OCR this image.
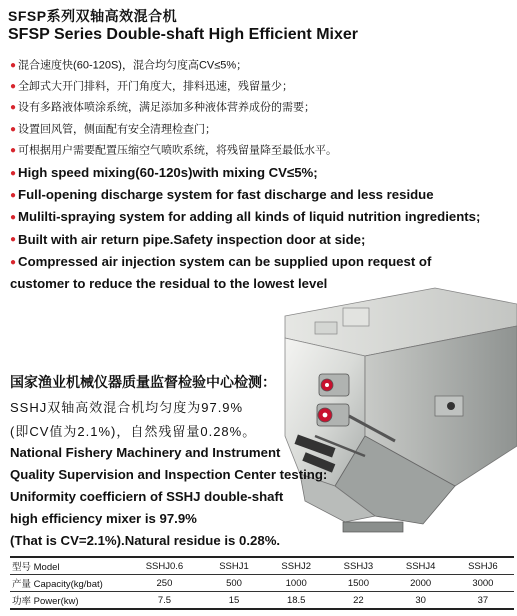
SFSP系列双轴高效混合机
SFSP Series Double-shaft High Efficient Mixer
● 混合速度快(60-120S)，混合均匀度高CV≤5%；
● 全卸式大开门排料，开门角度大，排料迅速，残留量少；
● 设有多路液体喷涂系统，满足添加多种液体营养成份的需要；
● 设置回风管，侧面配有安全清理检查门；
● 可根据用户需要配置压缩空气喷吹系统，将残留量降至最低水平。
● High speed mixing(60-120s)with mixing CV≤5%;
● Full-opening discharge system for fast discharge and less residue
● Mulilti-spraying system for adding all kinds of liquid nutrition ingredients;
● Built with air return pipe.Safety inspection door at side;
● Compressed air injection system can be supplied upon request of customer to reduce the residual to the lowest level
国家渔业机械仪器质量监督检验中心检测：
SSHJ双轴高效混合机均匀度为97.9%
(即CV值为2.1%)，自然残留量0.28%。
National Fishery Machinery and Instrument
Quality Supervision and Inspection Center testing:
Uniformity coefficiern of SSHJ double-shaft
high efficiency mixer is 97.9%
(That is CV=2.1%).Natural residue is 0.28%.
型号 Model	SSHJ0.6	SSHJ1	SSHJ2	SSHJ3	SSHJ4	SSHJ6
产量 Capacity(kg/bat)	250	500	1000	1500	2000	3000
功率 Power(kw)	7.5	15	18.5	22	30	37
